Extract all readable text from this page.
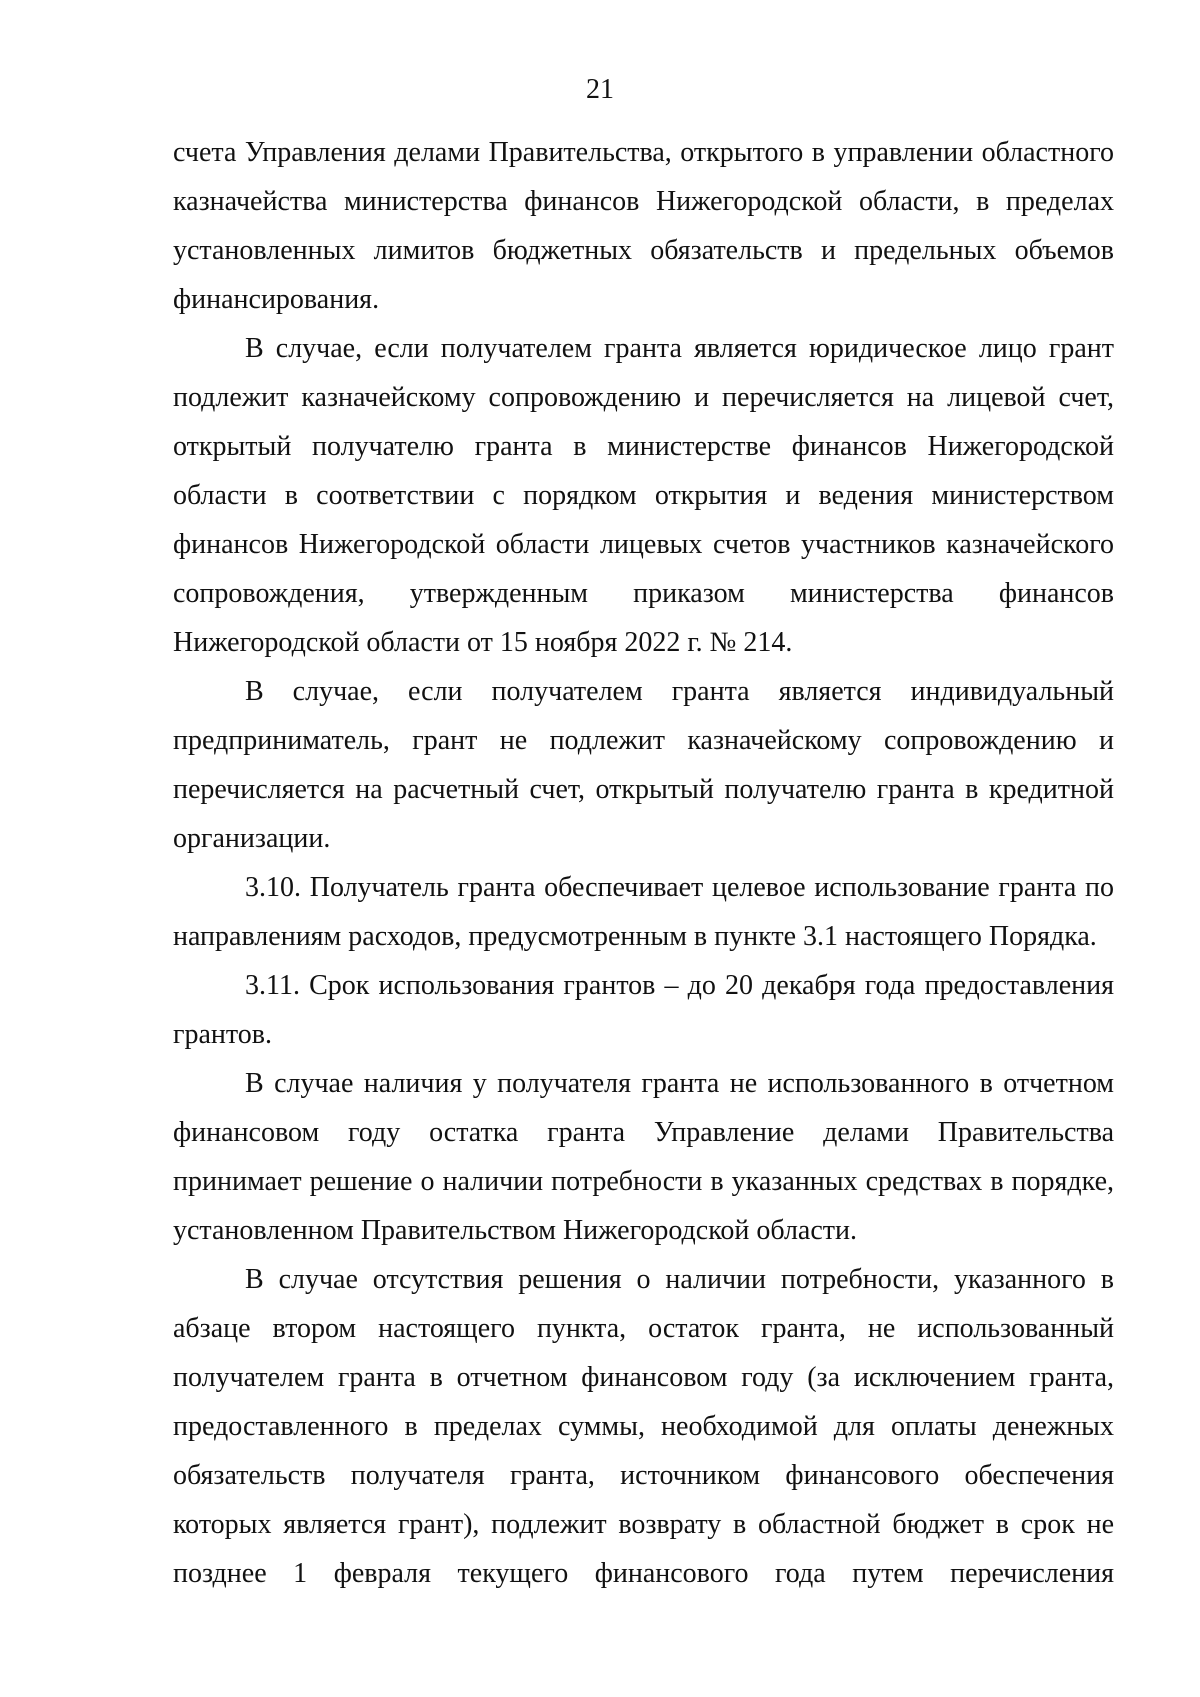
21

счета Управления делами Правительства, открытого в управлении областного казначейства министерства финансов Нижегородской области, в пределах установленных лимитов бюджетных обязательств и предельных объемов финансирования.

В случае, если получателем гранта является юридическое лицо грант подлежит казначейскому сопровождению и перечисляется на лицевой счет, открытый получателю гранта в министерстве финансов Нижегородской области в соответствии с порядком открытия и ведения министерством финансов Нижегородской области лицевых счетов участников казначейского сопровождения, утвержденным приказом министерства финансов Нижегородской области от 15 ноября 2022 г. № 214.

В случае, если получателем гранта является индивидуальный предприниматель, грант не подлежит казначейскому сопровождению и перечисляется на расчетный счет, открытый получателю гранта в кредитной организации.

3.10. Получатель гранта обеспечивает целевое использование гранта по направлениям расходов, предусмотренным в пункте 3.1 настоящего Порядка.

3.11. Срок использования грантов – до 20 декабря года предоставления грантов.

В случае наличия у получателя гранта не использованного в отчетном финансовом году остатка гранта Управление делами Правительства принимает решение о наличии потребности в указанных средствах в порядке, установленном Правительством Нижегородской области.

В случае отсутствия решения о наличии потребности, указанного в абзаце втором настоящего пункта, остаток гранта, не использованный получателем гранта в отчетном финансовом году (за исключением гранта, предоставленного в пределах суммы, необходимой для оплаты денежных обязательств получателя гранта, источником финансового обеспечения которых является грант), подлежит возврату в областной бюджет в срок не позднее 1 февраля текущего финансового года путем перечисления
